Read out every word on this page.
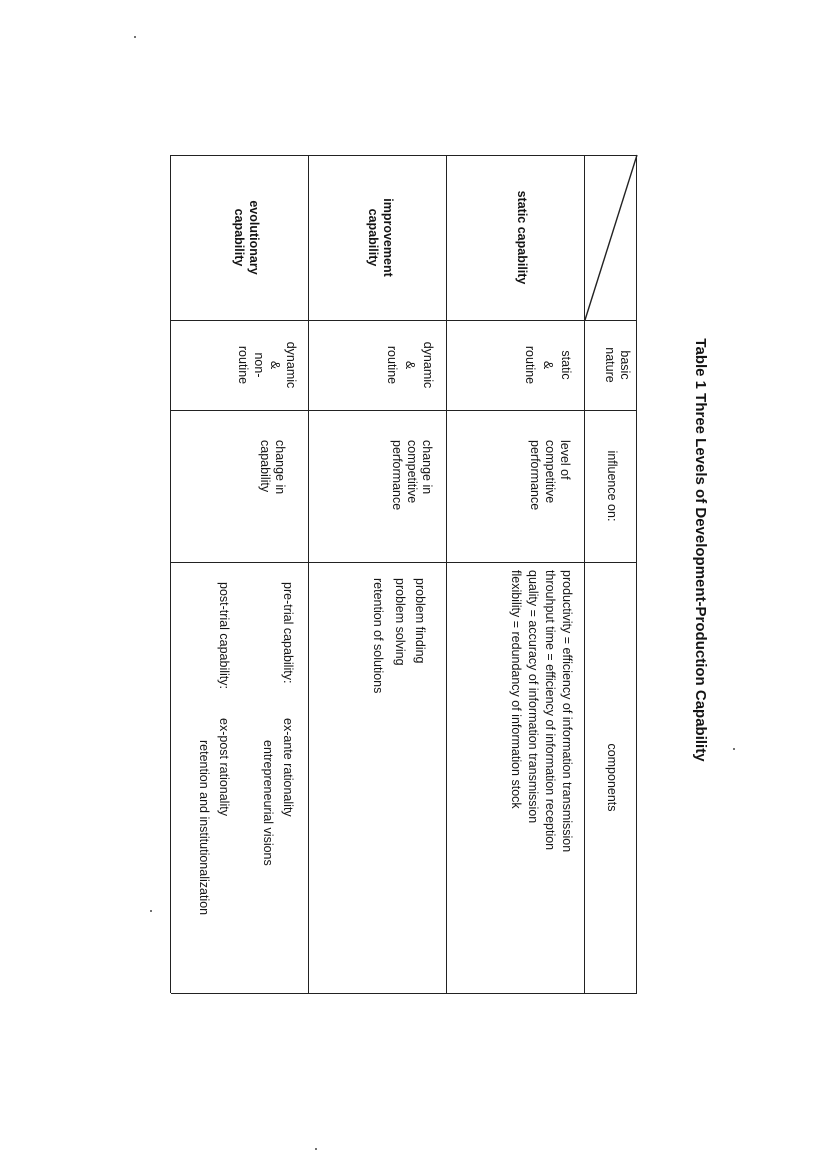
Table 1 Three Levels of Development-Production Capability
basic
nature
influence on:
components
static capability
static
&
routine
level of
competitive
performance
productivity = efficiency of information transmission
throuhput time = efficiency of information reception
quality = accuracy of information transmission
flexibility = redundancy of information stock
improvement
capability
dynamic
&
routine
change in
competitive
performance
problem finding
problem solving
retention of solutions
evolutionary
capability
dynamic
&
non-
routine
change in
capability
pre-trial capability:
ex-ante rationality
entrepreneurial visions
post-trial capability:
ex-post rationality
retention and institutionalization
